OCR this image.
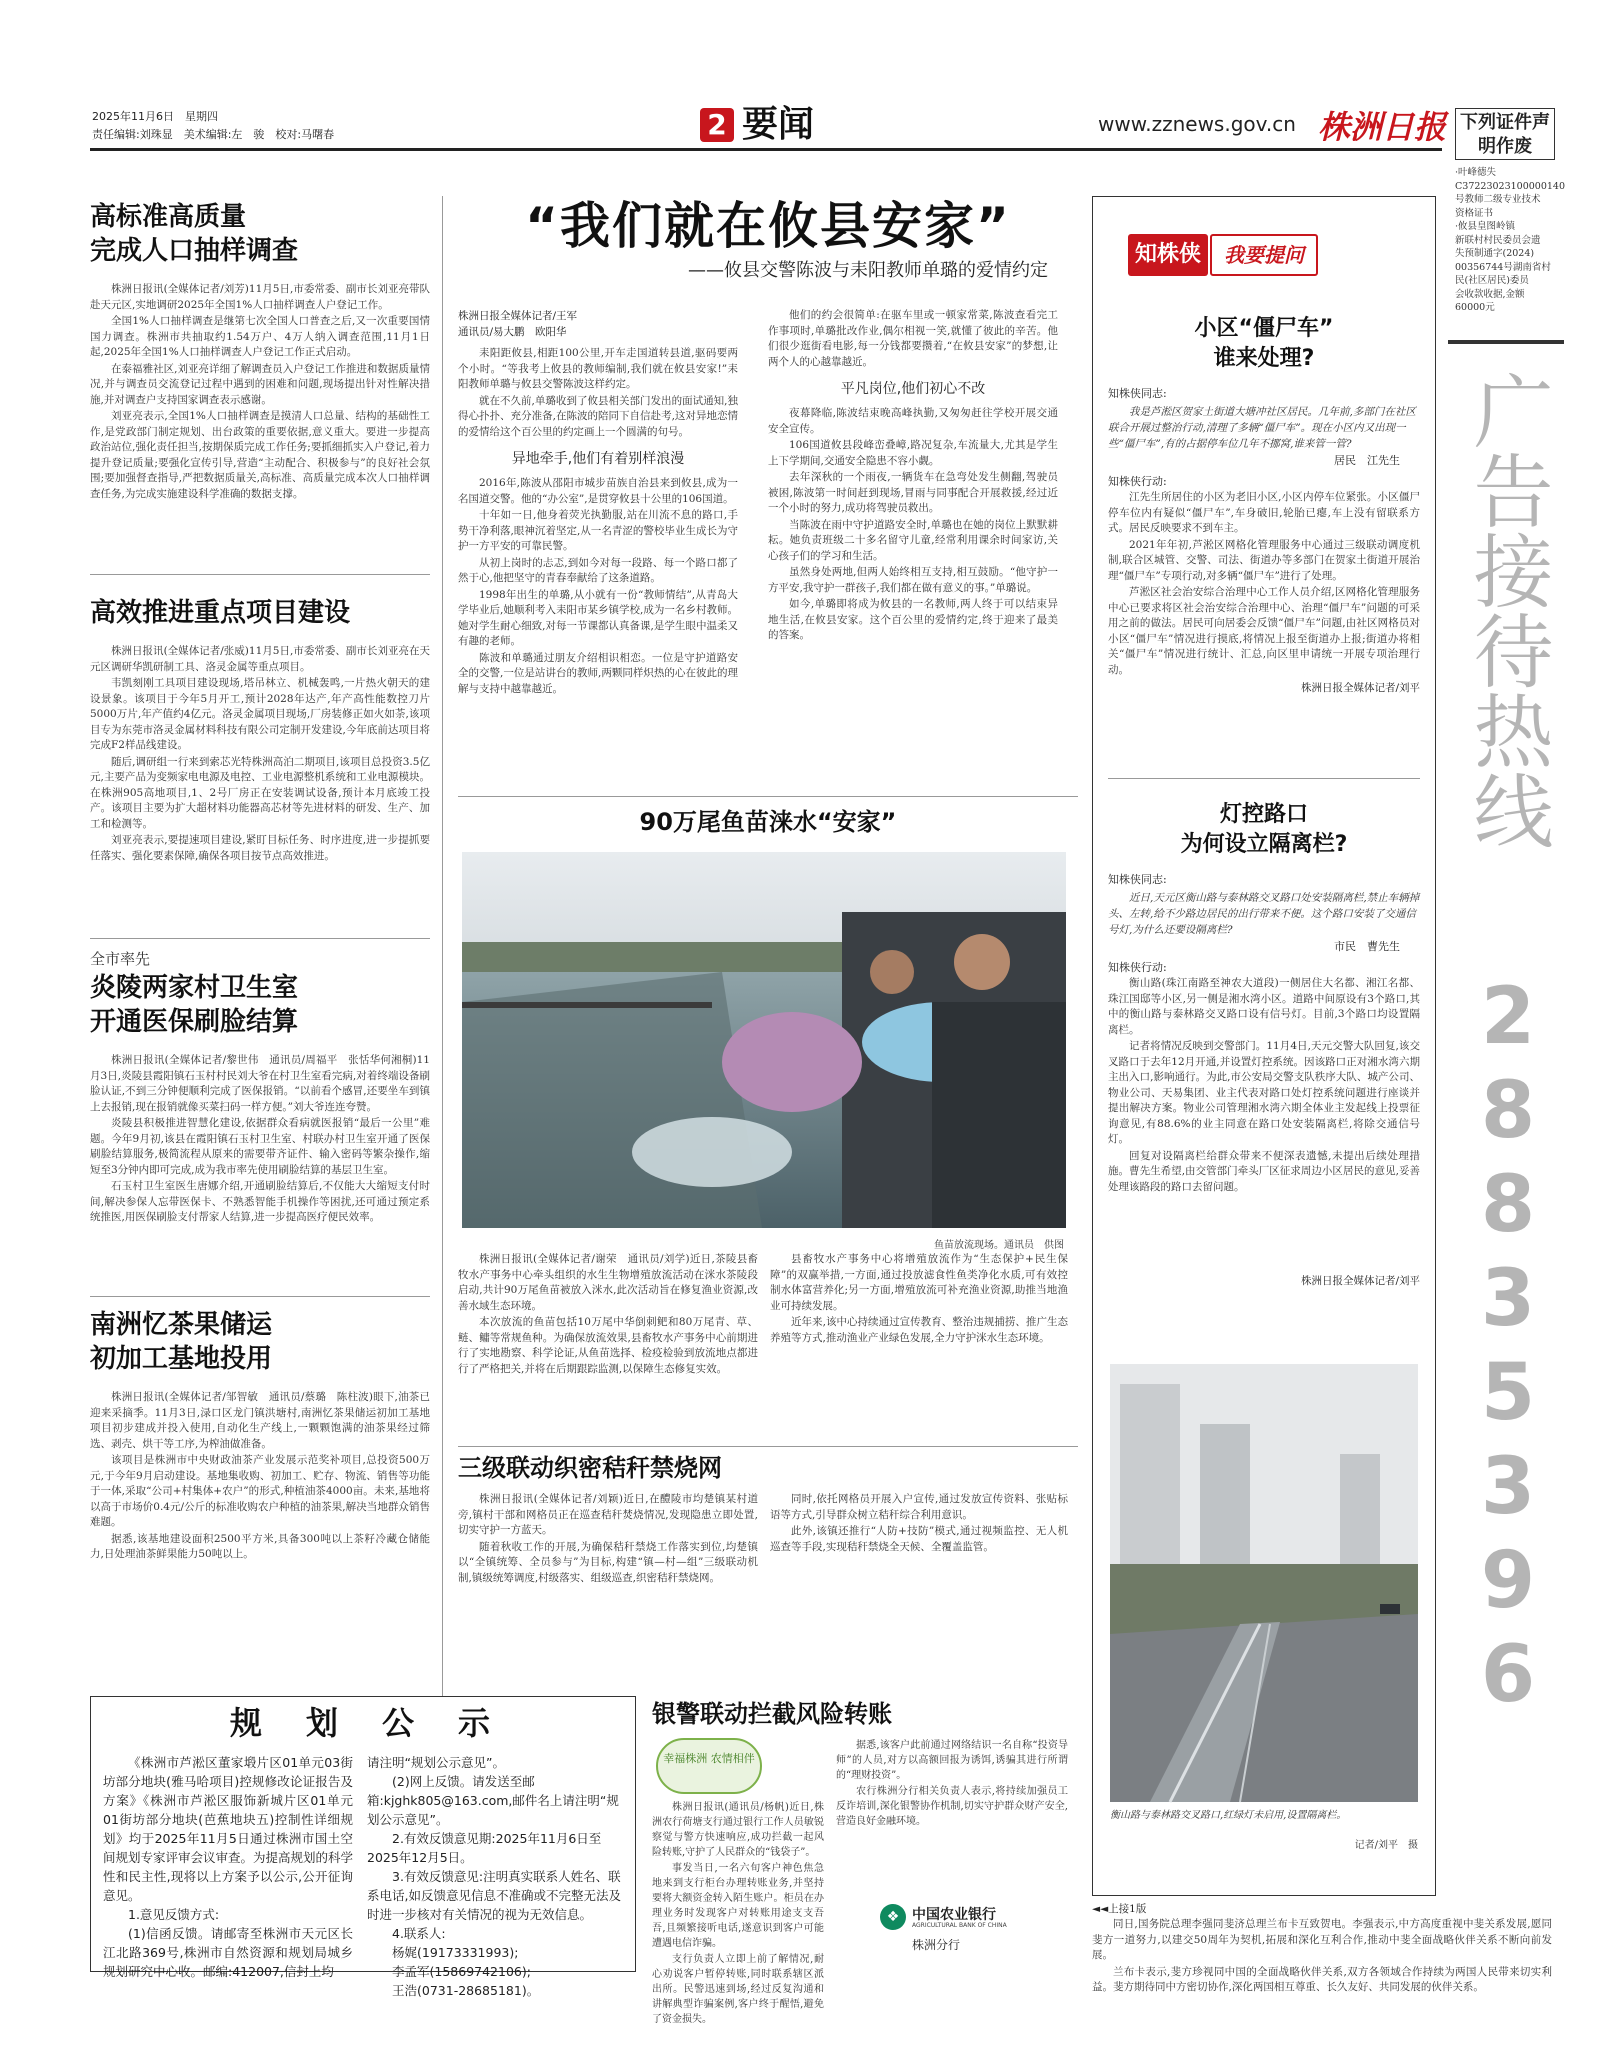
2025年11月6日　星期四
责任编辑:刘珠显　美术编辑:左　骏　校对:马曙春	2 要闻	www.zznews.gov.cn 株洲日报 下列证件声明作废
·叶峰德失
C37223023100000140
号教师二级专业技术
资格证书
·攸县皇图岭镇
新联村村民委员会遗
失预制通字(2024)
00356744号湖南省村
民(社区居民)委员
会收款收据,金额
60000元
广告接待热线
28835396
高标准高质量
完成人口抽样调查

株洲日报讯(全媒体记者/刘芳)11月5日,市委常委、副市长刘亚亮带队赴天元区,实地调研2025年全国1%人口抽样调查人户登记工作。

全国1%人口抽样调查是继第七次全国人口普查之后,又一次重要国情国力调查。株洲市共抽取约1.54万户、4万人纳入调查范围,11月1日起,2025年全国1%人口抽样调查人户登记工作正式启动。

在泰福雅社区,刘亚亮详细了解调查员入户登记工作推进和数据质量情况,并与调查员交流登记过程中遇到的困难和问题,现场提出针对性解决措施,并对调查户支持国家调查表示感谢。

刘亚亮表示,全国1%人口抽样调查是摸清人口总量、结构的基础性工作,是党政部门制定规划、出台政策的重要依据,意义重大。要进一步提高政治站位,强化责任担当,按期保质完成工作任务;要抓细抓实入户登记,着力提升登记质量;要强化宣传引导,营造“主动配合、积极参与”的良好社会氛围;要加强督查指导,严把数据质量关,高标准、高质量完成本次人口抽样调查任务,为完成实施建设科学准确的数据支撑。

高效推进重点项目建设

株洲日报讯(全媒体记者/张威)11月5日,市委常委、副市长刘亚亮在天元区调研华凯研制工具、洛灵金属等重点项目。

韦凯刻刚工具项目建设现场,塔吊林立、机械轰鸣,一片热火朝天的建设景象。该项目于今年5月开工,预计2028年达产,年产高性能数控刀片5000万片,年产值约4亿元。洛灵金属项目现场,厂房装修正如火如荼,该项目专为东莞市洛灵金属材料科技有限公司定制开发建设,今年底前达项目将完成F2样品线建设。

随后,调研组一行来到索芯光特株洲高泊二期项目,该项目总投资3.5亿元,主要产品为变频家电电源及电控、工业电源整机系统和工业电源模块。在株洲905高地项目,1、2号厂房正在安装调试设备,预计本月底竣工投产。该项目主要为扩大超材料功能器高芯材等先进材料的研发、生产、加工和检测等。

刘亚亮表示,要提速项目建设,紧盯目标任务、时序进度,进一步提抓要任落实、强化要素保障,确保各项目按节点高效推进。

全市率先
炎陵两家村卫生室
开通医保刷脸结算

株洲日报讯(全媒体记者/黎世伟　通讯员/周福平　张恬华何湘桐)11月3日,炎陵县霞阳镇石玉村村民刘大爷在村卫生室看完病,对着终端设备刷脸认证,不到三分钟便顺利完成了医保报销。“以前看个感冒,还要坐车到镇上去报销,现在报销就像买菜扫码一样方便。”刘大爷连连夸赞。

炎陵县积极推进智慧化建设,依据群众看病就医报销“最后一公里”难题。今年9月初,该县在霞阳镇石玉村卫生室、村联办村卫生室开通了医保刷脸结算服务,极简流程从原来的需要带齐证件、输入密码等繁杂操作,缩短至3分钟内即可完成,成为我市率先使用刷脸结算的基层卫生室。

石玉村卫生室医生唐娜介绍,开通刷脸结算后,不仅能大大缩短支付时间,解决参保人忘带医保卡、不熟悉智能手机操作等困扰,还可通过预定系统推医,用医保刷脸支付帮家人结算,进一步提高医疗便民效率。

南洲忆茶果储运
初加工基地投用

株洲日报讯(全媒体记者/邹智敏　通讯员/蔡璐　陈柱波)眼下,油茶已迎来采摘季。11月3日,渌口区龙门镇洪塘村,南洲忆茶果储运初加工基地项目初步建成并投入使用,自动化生产线上,一颗颗饱满的油茶果经过筛选、剥壳、烘干等工序,为榨油做准备。

该项目是株洲市中央财政油茶产业发展示范奖补项目,总投资500万元,于今年9月启动建设。基地集收购、初加工、贮存、物流、销售等功能于一体,采取“公司+村集体+农户”的形式,种植油茶4000亩。未来,基地将以高于市场价0.4元/公斤的标准收购农户种植的油茶果,解决当地群众销售难题。

据悉,该基地建设面积2500平方米,具备300吨以上茶籽冷藏仓储能力,日处理油茶鲜果能力50吨以上。

“我们就在攸县安家”
——攸县交警陈波与耒阳教师单璐的爱情约定
株洲日报全媒体记者/王军
通讯员/易大鹏　欧阳华

耒阳距攸县,相距100公里,开车走国道转县道,驱码要两个小时。“等我考上攸县的教师编制,我们就在攸县安家!”耒阳教师单璐与攸县交警陈波这样约定。

就在不久前,单璐收到了攸县相关部门发出的面试通知,独得心扑扑、充分准备,在陈波的陪同下自信赴考,这对异地恋情的爱情给这个百公里的约定画上一个圆满的句号。

异地牵手,他们有着别样浪漫

2016年,陈波从邵阳市城步苗族自治县来到攸县,成为一名国道交警。他的“办公室”,是贯穿攸县十公里的106国道。

十年如一日,他身着荧光执勤服,站在川流不息的路口,手势干净利落,眼神沉着坚定,从一名青涩的警校毕业生成长为守护一方平安的可靠民警。

从初上岗时的忐忑,到如今对每一段路、每一个路口都了然于心,他把坚守的青春奉献给了这条道路。

1998年出生的单璐,从小就有一份“教师情结”,从青岛大学毕业后,她顺利考入耒阳市某乡镇学校,成为一名乡村教师。她对学生耐心细致,对每一节课都认真备课,是学生眼中温柔又有趣的老师。

陈波和单璐通过朋友介绍相识相恋。一位是守护道路安全的交警,一位是站讲台的教师,两颗同样炽热的心在彼此的理解与支持中越靠越近。

他们的约会很简单:在驱车里或一顿家常菜,陈波查看完工作事项时,单璐批改作业,偶尔相视一笑,就懂了彼此的辛苦。他们很少逛街看电影,每一分钱都要攒着,“在攸县安家”的梦想,让两个人的心越靠越近。

平凡岗位,他们初心不改

夜幕降临,陈波结束晚高峰执勤,又匆匆赶往学校开展交通安全宣传。

106国道攸县段峰峦叠嶂,路况复杂,车流量大,尤其是学生上下学期间,交通安全隐患不容小觑。

去年深秋的一个雨夜,一辆货车在急弯处发生侧翻,驾驶员被困,陈波第一时间赶到现场,冒雨与同事配合开展救援,经过近一个小时的努力,成功将驾驶员救出。

当陈波在雨中守护道路安全时,单璐也在她的岗位上默默耕耘。她负责班级二十多名留守儿童,经常利用课余时间家访,关心孩子们的学习和生活。

虽然身处两地,但两人始终相互支持,相互鼓励。“他守护一方平安,我守护一群孩子,我们都在做有意义的事。”单璐说。

如今,单璐即将成为攸县的一名教师,两人终于可以结束异地生活,在攸县安家。这个百公里的爱情约定,终于迎来了最美的答案。

90万尾鱼苗涞水“安家”
鱼苗放流现场。通讯员　供图

株洲日报讯(全媒体记者/谢荣　通讯员/刘学)近日,茶陵县畜牧水产事务中心牵头组织的水生生物增殖放流活动在洣水茶陵段启动,共计90万尾鱼苗被放入洣水,此次活动旨在修复渔业资源,改善水域生态环境。

本次放流的鱼苗包括10万尾中华倒刺鲃和80万尾青、草、鲢、鳙等常规鱼种。为确保放流效果,县畜牧水产事务中心前期进行了实地勘察、科学论证,从鱼苗选择、检疫检验到放流地点都进行了严格把关,并将在后期跟踪监测,以保障生态修复实效。

县畜牧水产事务中心将增殖放流作为“生态保护+民生保障”的双赢举措,一方面,通过投放滤食性鱼类净化水质,可有效控制水体富营养化;另一方面,增殖放流可补充渔业资源,助推当地渔业可持续发展。

近年来,该中心持续通过宣传教育、整治违规捕捞、推广生态养殖等方式,推动渔业产业绿色发展,全力守护洣水生态环境。

三级联动织密秸秆禁烧网

株洲日报讯(全媒体记者/刘颖)近日,在醴陵市均楚镇某村道旁,镇村干部和网格员正在巡查秸秆焚烧情况,发现隐患立即处置,切实守护一方蓝天。

随着秋收工作的开展,为确保秸秆禁烧工作落实到位,均楚镇以“全镇统筹、全员参与”为目标,构建“镇—村—组”三级联动机制,镇级统筹调度,村级落实、组级巡查,织密秸秆禁烧网。

同时,依托网格员开展入户宣传,通过发放宣传资料、张贴标语等方式,引导群众树立秸秆综合利用意识。

此外,该镇还推行“人防+技防”模式,通过视频监控、无人机巡查等手段,实现秸秆禁烧全天候、全覆盖监管。

规　划　公　示

《株洲市芦淞区董家塅片区01单元03街坊部分地块(雅马哈项目)控规修改论证报告及方案》《株洲市芦淞区服饰新城片区01单元01街坊部分地块(芭蕉地块五)控制性详细规划》均于2025年11月5日通过株洲市国土空间规划专家评审会议审查。为提高规划的科学性和民主性,现将以上方案予以公示,公开征询意见。

1.意见反馈方式:

(1)信函反馈。请邮寄至株洲市天元区长江北路369号,株洲市自然资源和规划局城乡规划研究中心收。邮编:412007,信封上均

请注明“规划公示意见”。

(2)网上反馈。请发送至邮箱:kjghk805@163.com,邮件名上请注明“规划公示意见”。

2.有效反馈意见期:2025年11月6日至2025年12月5日。

3.有效反馈意见:注明真实联系人姓名、联系电话,如反馈意见信息不准确或不完整无法及时进一步核对有关情况的视为无效信息。

4.联系人:

杨娓(19173331993);

李孟军(15869742106);

王浩(0731-28685181)。

银警联动拦截风险转账
幸福株洲 农情相伴

株洲日报讯(通讯员/杨帆)近日,株洲农行荷塘支行通过银行工作人员敏锐察觉与警方快速响应,成功拦截一起风险转账,守护了人民群众的“钱袋子”。

事发当日,一名六旬客户神色焦急地来到支行柜台办理转账业务,并坚持要将大额资金转入陌生账户。柜员在办理业务时发现客户对转账用途支支吾吾,且频繁接听电话,遂意识到客户可能遭遇电信诈骗。

支行负责人立即上前了解情况,耐心劝说客户暂停转账,同时联系辖区派出所。民警迅速到场,经过反复沟通和讲解典型诈骗案例,客户终于醒悟,避免了资金损失。

据悉,该客户此前通过网络结识一名自称“投资导师”的人员,对方以高额回报为诱饵,诱骗其进行所谓的“理财投资”。

农行株洲分行相关负责人表示,将持续加强员工反诈培训,深化银警协作机制,切实守护群众财产安全,营造良好金融环境。

❖ 中国农业银行
AGRICULTURAL BANK OF CHINA
株洲分行
知株侠	我要提问
小区“僵尸车”
谁来处理?
知株侠同志:
我是芦淞区贺家土街道大塘冲社区居民。几年前,多部门在社区联合开展过整治行动,清理了多辆“僵尸车”。现在小区内又出现一些“僵尸车”,有的占据停车位几年不挪窝,谁来管一管?
居民　江先生
知株侠行动:

江先生所居住的小区为老旧小区,小区内停车位紧张。小区僵尸停车位内有疑似“僵尸车”,车身破旧,轮胎已瘪,车上没有留联系方式。居民反映要求不到车主。

2021年年初,芦淞区网格化管理服务中心通过三级联动调度机制,联合区城管、交警、司法、街道办等多部门在贺家土街道开展治理“僵尸车”专项行动,对多辆“僵尸车”进行了处理。

芦淞区社会治安综合治理中心工作人员介绍,区网格化管理服务中心已要求将区社会治安综合治理中心、治理“僵尸车”问题的可采用之前的做法。居民可向居委会反馈“僵尸车”问题,由社区网格员对小区“僵尸车”情况进行摸底,将情况上报至街道办上报;街道办将相关“僵尸车”情况进行统计、汇总,向区里申请统一开展专项治理行动。

株洲日报全媒体记者/刘平
灯控路口
为何设立隔离栏?
知株侠同志:
近日,天元区衡山路与泰林路交叉路口处安装隔离栏,禁止车辆掉头、左转,给不少路边居民的出行带来不便。这个路口安装了交通信号灯,为什么还要设隔离栏?
市民　曹先生
知株侠行动:

衡山路(珠江南路至神农大道段)一侧居住大名都、湘江名都、珠江国邸等小区,另一侧是湘水湾小区。道路中间原设有3个路口,其中的衡山路与泰林路交叉路口设有信号灯。目前,3个路口均设置隔离栏。

记者将情况反映到交警部门。11月4日,天元交警大队回复,该交叉路口于去年12月开通,并设置灯控系统。因该路口正对湘水湾六期主出入口,影响通行。为此,市公安局交警支队秩序大队、城产公司、物业公司、天易集团、业主代表对路口处灯控系统问题进行座谈并提出解决方案。物业公司管理湘水湾六期全体业主发起线上投票征询意见,有88.6%的业主同意在路口处安装隔离栏,将除交通信号灯。

回复对设隔离栏给群众带来不便深表遗憾,未提出后续处理措施。曹先生希望,由交管部门牵头厂区征求周边小区居民的意见,妥善处理该路段的路口去留问题。

株洲日报全媒体记者/刘平
衡山路与泰林路交叉路口,红绿灯未启用,设置隔离栏。
记者/刘平　摄
◄◄上接1版

同日,国务院总理李强同斐济总理兰布卡互致贺电。李强表示,中方高度重视中斐关系发展,愿同斐方一道努力,以建交50周年为契机,拓展和深化互利合作,推动中斐全面战略伙伴关系不断向前发展。

兰布卡表示,斐方珍视同中国的全面战略伙伴关系,双方各领域合作持续为两国人民带来切实利益。斐方期待同中方密切协作,深化两国相互尊重、长久友好、共同发展的伙伴关系。
